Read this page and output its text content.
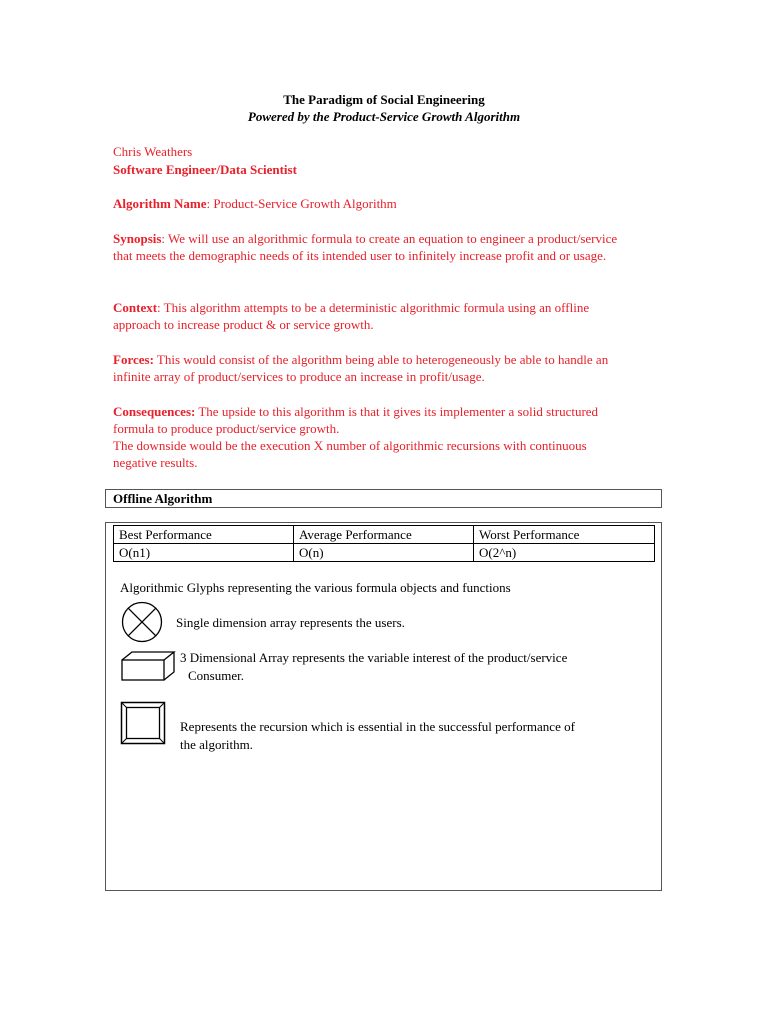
The Paradigm of Social Engineering
Powered by the Product-Service Growth Algorithm
Chris Weathers
Software Engineer/Data Scientist
Algorithm Name: Product-Service Growth Algorithm
Synopsis: We will use an algorithmic formula to create an equation to engineer a product/service that meets the demographic needs of its intended user to infinitely increase profit and or usage.
Context: This algorithm attempts to be a deterministic algorithmic formula using an offline approach to increase product & or service growth.
Forces: This would consist of the algorithm being able to heterogeneously be able to handle an infinite array of product/services to produce an increase in profit/usage.
Consequences: The upside to this algorithm is that it gives its implementer a solid structured formula to produce product/service growth.
The downside would be the execution X number of algorithmic recursions with continuous negative results.
Offline Algorithm
Best Performance	Average Performance	Worst Performance
O(n1)	O(n)	O(2^n)
Algorithmic Glyphs representing the various formula objects and functions
Single dimension array represents the users.
3 Dimensional Array represents the variable interest of the product/service
Consumer.
Represents the recursion which is essential in the successful performance of
the algorithm.
